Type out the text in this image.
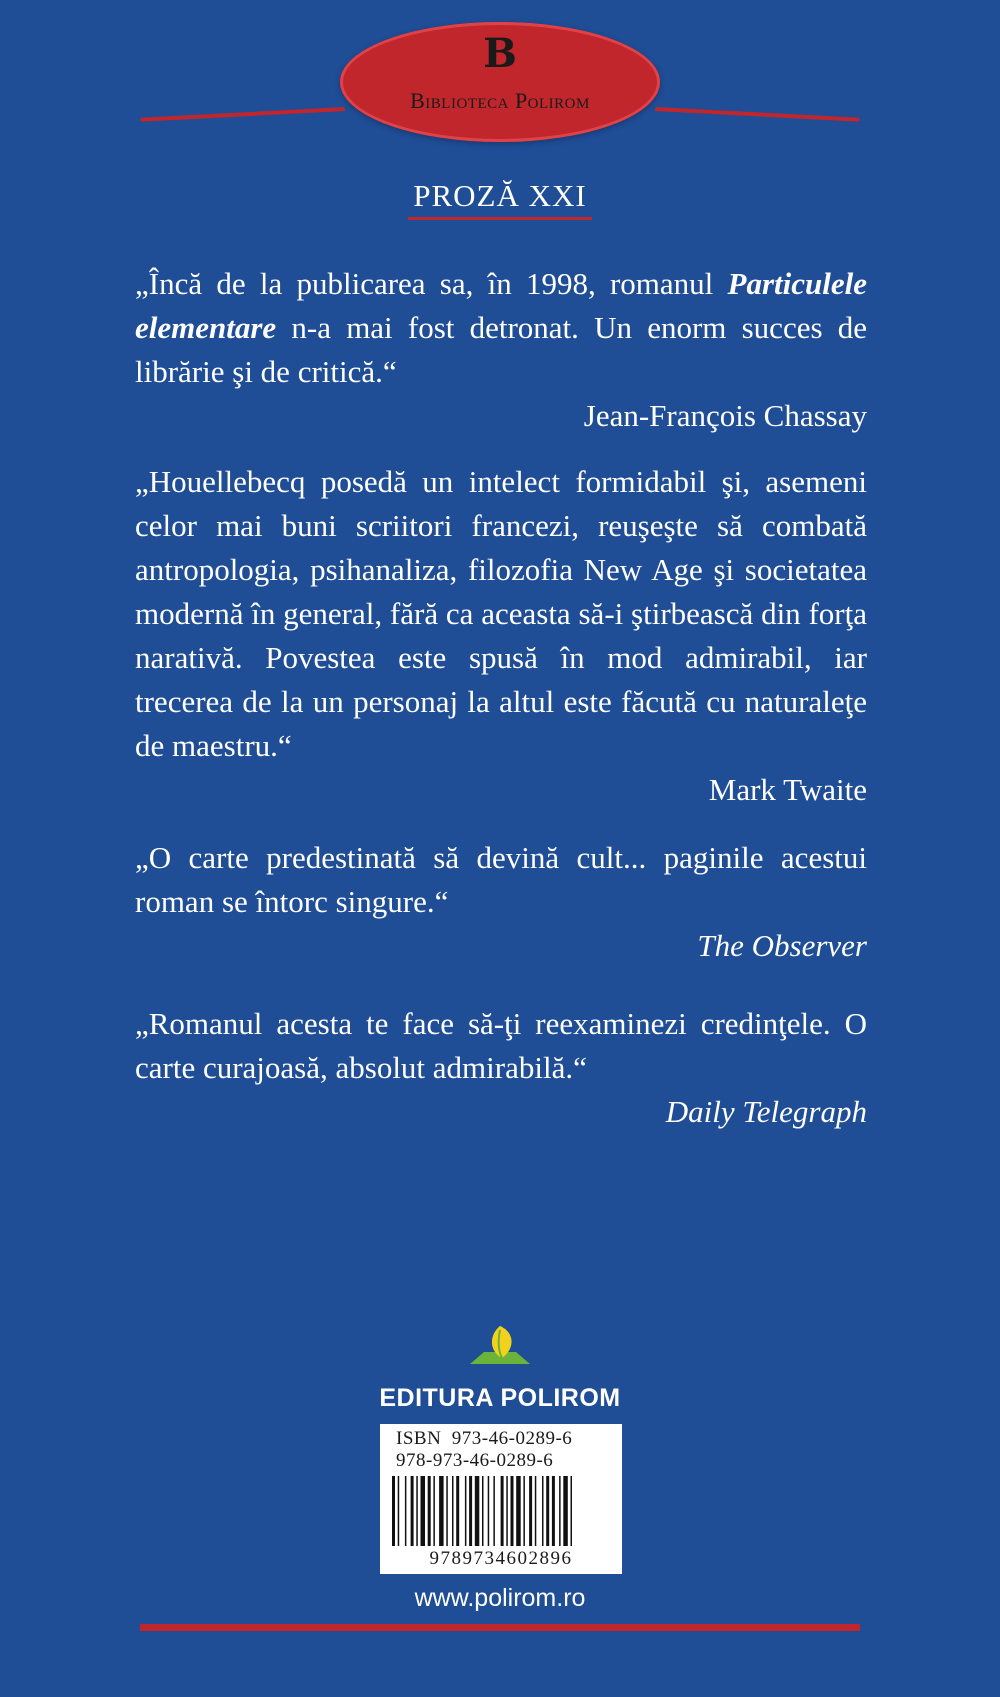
B
Biblioteca Polirom
PROZĂ XXI
„Încă de la publicarea sa, în 1998, romanul Particulele elementare n-a mai fost detronat. Un enorm succes de librărie şi de critică.“
Jean-François Chassay
„Houellebecq posedă un intelect formidabil şi, asemeni celor mai buni scriitori francezi, reuşeşte să combată antropologia, psihanaliza, filozofia New Age şi societatea modernă în general, fără ca aceasta să-i ştirbească din forţa narativă. Povestea este spusă în mod admirabil, iar trecerea de la un personaj la altul este făcută cu naturaleţe de maestru.“
Mark Twaite
„O carte predestinată să devină cult... paginile acestui roman se întorc singure.“
The Observer
„Romanul acesta te face să-ţi reexaminezi credinţele. O carte curajoasă, absolut admirabilă.“
Daily Telegraph
EDITURA POLIROM
ISBN  973-46-0289-6
978-973-46-0289-6
9789734602896
www.polirom.ro
